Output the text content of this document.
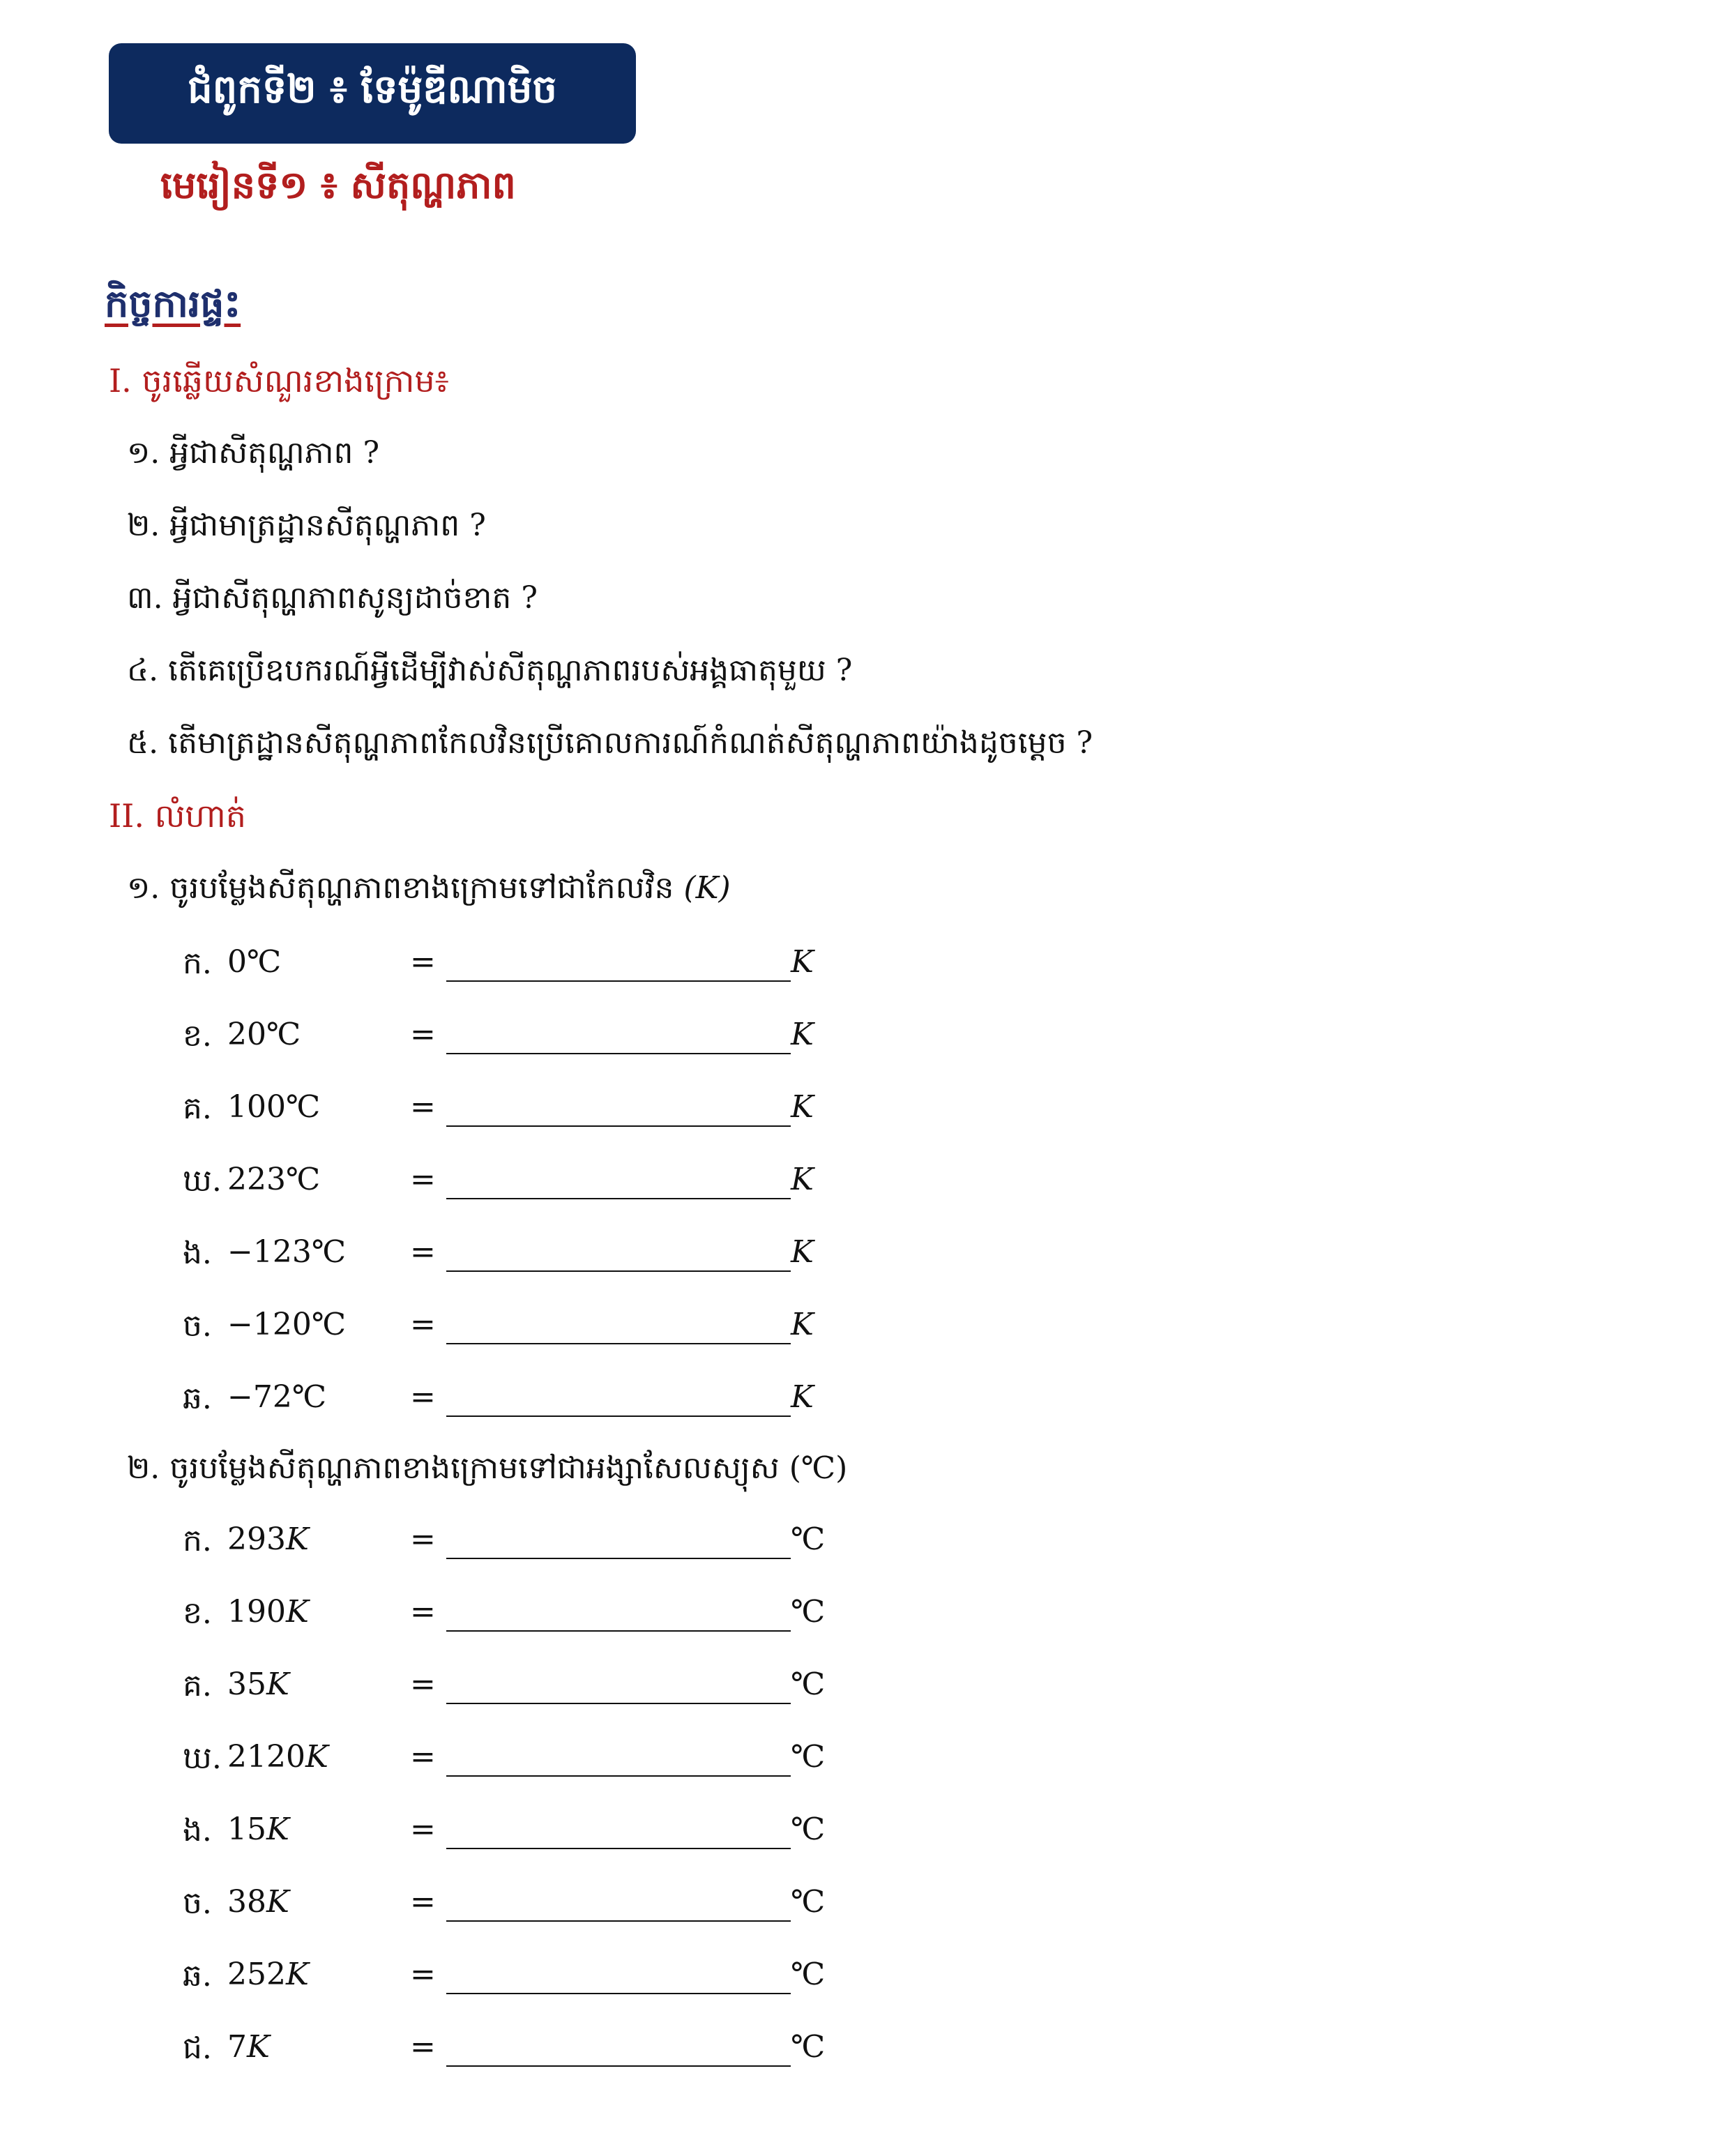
ជំពូកទី២ ៖ ទែម៉ូឌីណាមិច
មេរៀនទី១ ៖ សីតុណ្ហភាព
កិច្ចការផ្ទះ
I. ចូរឆ្លើយសំណួរខាងក្រោម៖
១. អ្វីជាសីតុណ្ហភាព ?
២. អ្វីជាមាត្រដ្ឋានសីតុណ្ហភាព ?
៣. អ្វីជាសីតុណ្ហភាពសូន្យដាច់ខាត ?
៤. តើគេប្រើឧបករណ៍អ្វីដើម្បីវាស់សីតុណ្ហភាពរបស់អង្គធាតុមួយ ?
៥. តើមាត្រដ្ឋានសីតុណ្ហភាពកែលវិនប្រើគោលការណ៍កំណត់សីតុណ្ហភាពយ៉ាងដូចម្តេច ?
II. លំហាត់
១. ចូរបម្លែងសីតុណ្ហភាពខាងក្រោមទៅជាកែលវិន (K)
ក. 0℃	=	K
ខ. 20℃	=	K
គ. 100℃	=	K
ឃ. 223℃	=	K
ង. −123℃ =	K
ច. −120℃ =	K
ឆ. −72℃	=	K
២. ចូរបម្លែងសីតុណ្ហភាពខាងក្រោមទៅជាអង្សាសែលស្យុស (℃)
ក. 293K	=	℃
ខ. 190K	=	℃
គ. 35K	=	℃
ឃ. 2120K	=	℃
ង. 15K	=	℃
ច. 38K	=	℃
ឆ. 252K	=	℃
ជ. 7K	=	℃
